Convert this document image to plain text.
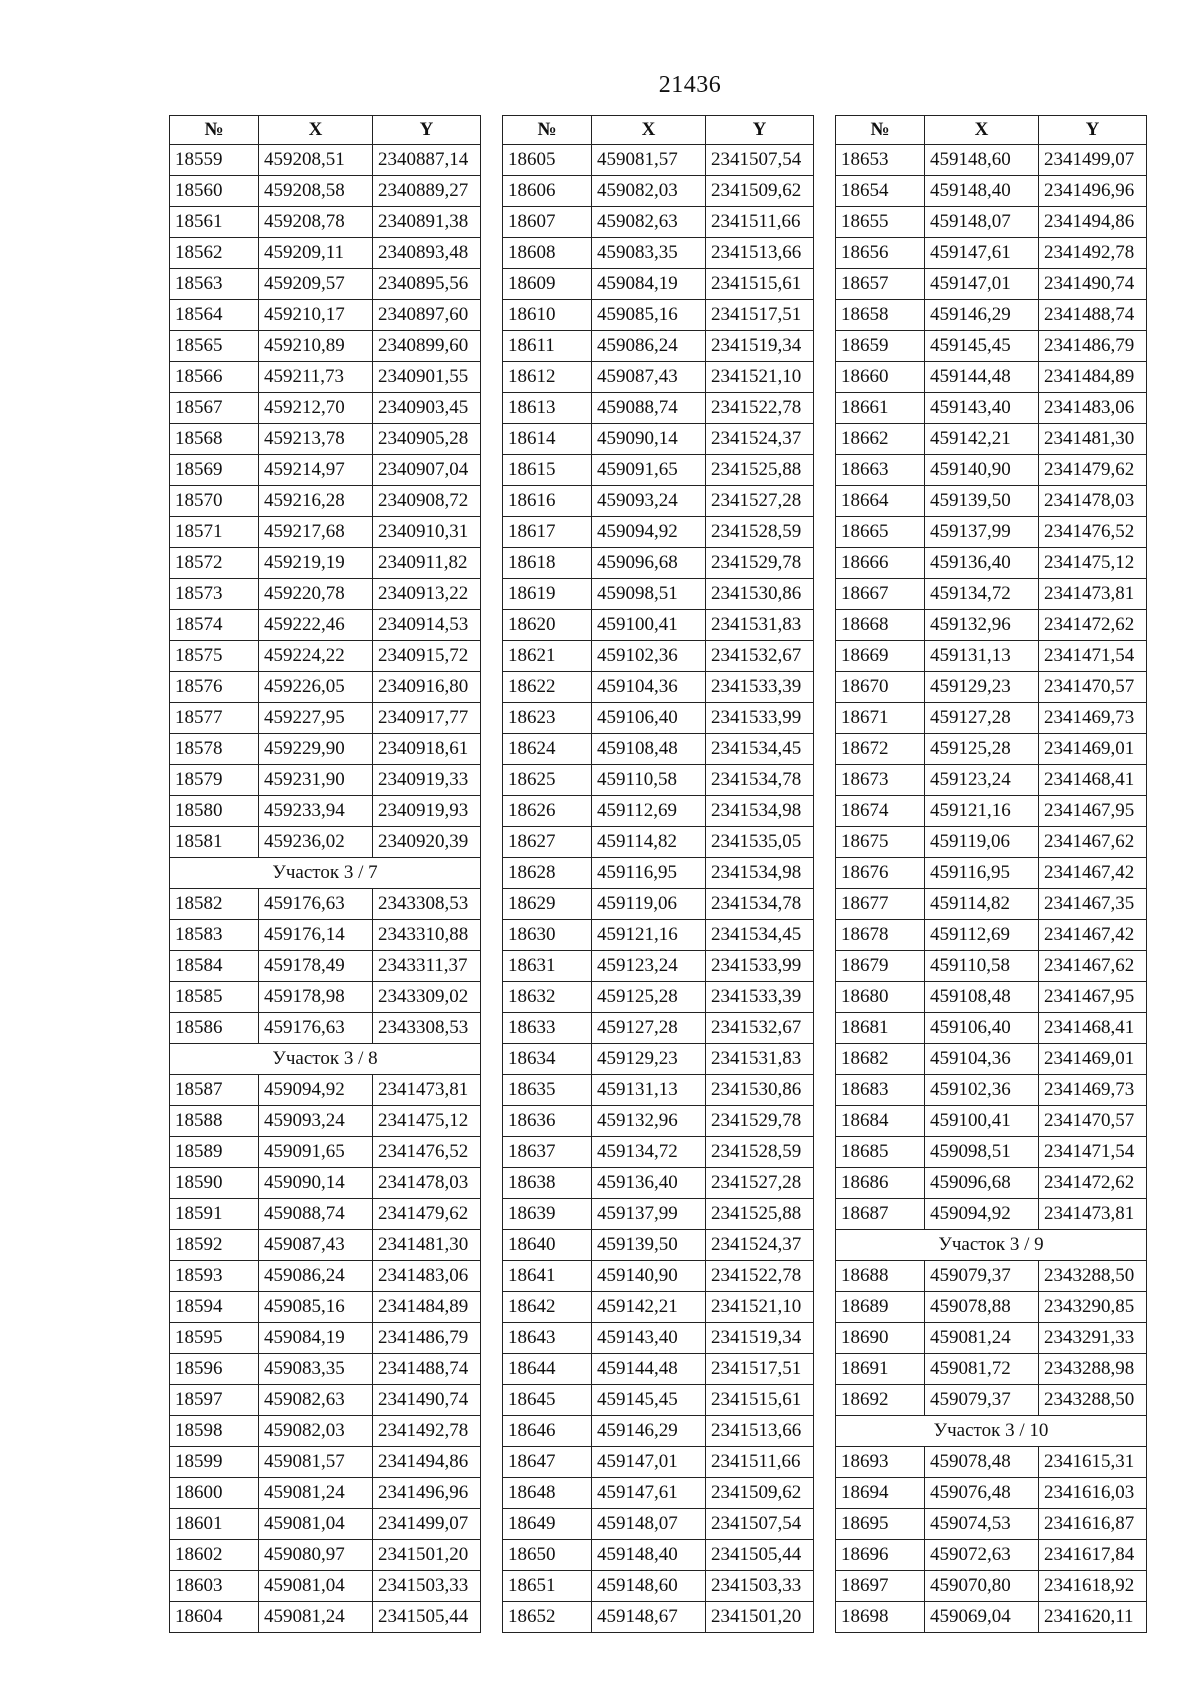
21436
№	X	Y
18559	459208,51	2340887,14
18560	459208,58	2340889,27
18561	459208,78	2340891,38
18562	459209,11	2340893,48
18563	459209,57	2340895,56
18564	459210,17	2340897,60
18565	459210,89	2340899,60
18566	459211,73	2340901,55
18567	459212,70	2340903,45
18568	459213,78	2340905,28
18569	459214,97	2340907,04
18570	459216,28	2340908,72
18571	459217,68	2340910,31
18572	459219,19	2340911,82
18573	459220,78	2340913,22
18574	459222,46	2340914,53
18575	459224,22	2340915,72
18576	459226,05	2340916,80
18577	459227,95	2340917,77
18578	459229,90	2340918,61
18579	459231,90	2340919,33
18580	459233,94	2340919,93
18581	459236,02	2340920,39
Участок 3 / 7		
18582	459176,63	2343308,53
18583	459176,14	2343310,88
18584	459178,49	2343311,37
18585	459178,98	2343309,02
18586	459176,63	2343308,53
Участок 3 / 8		
18587	459094,92	2341473,81
18588	459093,24	2341475,12
18589	459091,65	2341476,52
18590	459090,14	2341478,03
18591	459088,74	2341479,62
18592	459087,43	2341481,30
18593	459086,24	2341483,06
18594	459085,16	2341484,89
18595	459084,19	2341486,79
18596	459083,35	2341488,74
18597	459082,63	2341490,74
18598	459082,03	2341492,78
18599	459081,57	2341494,86
18600	459081,24	2341496,96
18601	459081,04	2341499,07
18602	459080,97	2341501,20
18603	459081,04	2341503,33
18604	459081,24	2341505,44
№	X	Y
18605	459081,57	2341507,54
18606	459082,03	2341509,62
18607	459082,63	2341511,66
18608	459083,35	2341513,66
18609	459084,19	2341515,61
18610	459085,16	2341517,51
18611	459086,24	2341519,34
18612	459087,43	2341521,10
18613	459088,74	2341522,78
18614	459090,14	2341524,37
18615	459091,65	2341525,88
18616	459093,24	2341527,28
18617	459094,92	2341528,59
18618	459096,68	2341529,78
18619	459098,51	2341530,86
18620	459100,41	2341531,83
18621	459102,36	2341532,67
18622	459104,36	2341533,39
18623	459106,40	2341533,99
18624	459108,48	2341534,45
18625	459110,58	2341534,78
18626	459112,69	2341534,98
18627	459114,82	2341535,05
18628	459116,95	2341534,98
18629	459119,06	2341534,78
18630	459121,16	2341534,45
18631	459123,24	2341533,99
18632	459125,28	2341533,39
18633	459127,28	2341532,67
18634	459129,23	2341531,83
18635	459131,13	2341530,86
18636	459132,96	2341529,78
18637	459134,72	2341528,59
18638	459136,40	2341527,28
18639	459137,99	2341525,88
18640	459139,50	2341524,37
18641	459140,90	2341522,78
18642	459142,21	2341521,10
18643	459143,40	2341519,34
18644	459144,48	2341517,51
18645	459145,45	2341515,61
18646	459146,29	2341513,66
18647	459147,01	2341511,66
18648	459147,61	2341509,62
18649	459148,07	2341507,54
18650	459148,40	2341505,44
18651	459148,60	2341503,33
18652	459148,67	2341501,20
№	X	Y
18653	459148,60	2341499,07
18654	459148,40	2341496,96
18655	459148,07	2341494,86
18656	459147,61	2341492,78
18657	459147,01	2341490,74
18658	459146,29	2341488,74
18659	459145,45	2341486,79
18660	459144,48	2341484,89
18661	459143,40	2341483,06
18662	459142,21	2341481,30
18663	459140,90	2341479,62
18664	459139,50	2341478,03
18665	459137,99	2341476,52
18666	459136,40	2341475,12
18667	459134,72	2341473,81
18668	459132,96	2341472,62
18669	459131,13	2341471,54
18670	459129,23	2341470,57
18671	459127,28	2341469,73
18672	459125,28	2341469,01
18673	459123,24	2341468,41
18674	459121,16	2341467,95
18675	459119,06	2341467,62
18676	459116,95	2341467,42
18677	459114,82	2341467,35
18678	459112,69	2341467,42
18679	459110,58	2341467,62
18680	459108,48	2341467,95
18681	459106,40	2341468,41
18682	459104,36	2341469,01
18683	459102,36	2341469,73
18684	459100,41	2341470,57
18685	459098,51	2341471,54
18686	459096,68	2341472,62
18687	459094,92	2341473,81
Участок 3 / 9		
18688	459079,37	2343288,50
18689	459078,88	2343290,85
18690	459081,24	2343291,33
18691	459081,72	2343288,98
18692	459079,37	2343288,50
Участок 3 / 10		
18693	459078,48	2341615,31
18694	459076,48	2341616,03
18695	459074,53	2341616,87
18696	459072,63	2341617,84
18697	459070,80	2341618,92
18698	459069,04	2341620,11
